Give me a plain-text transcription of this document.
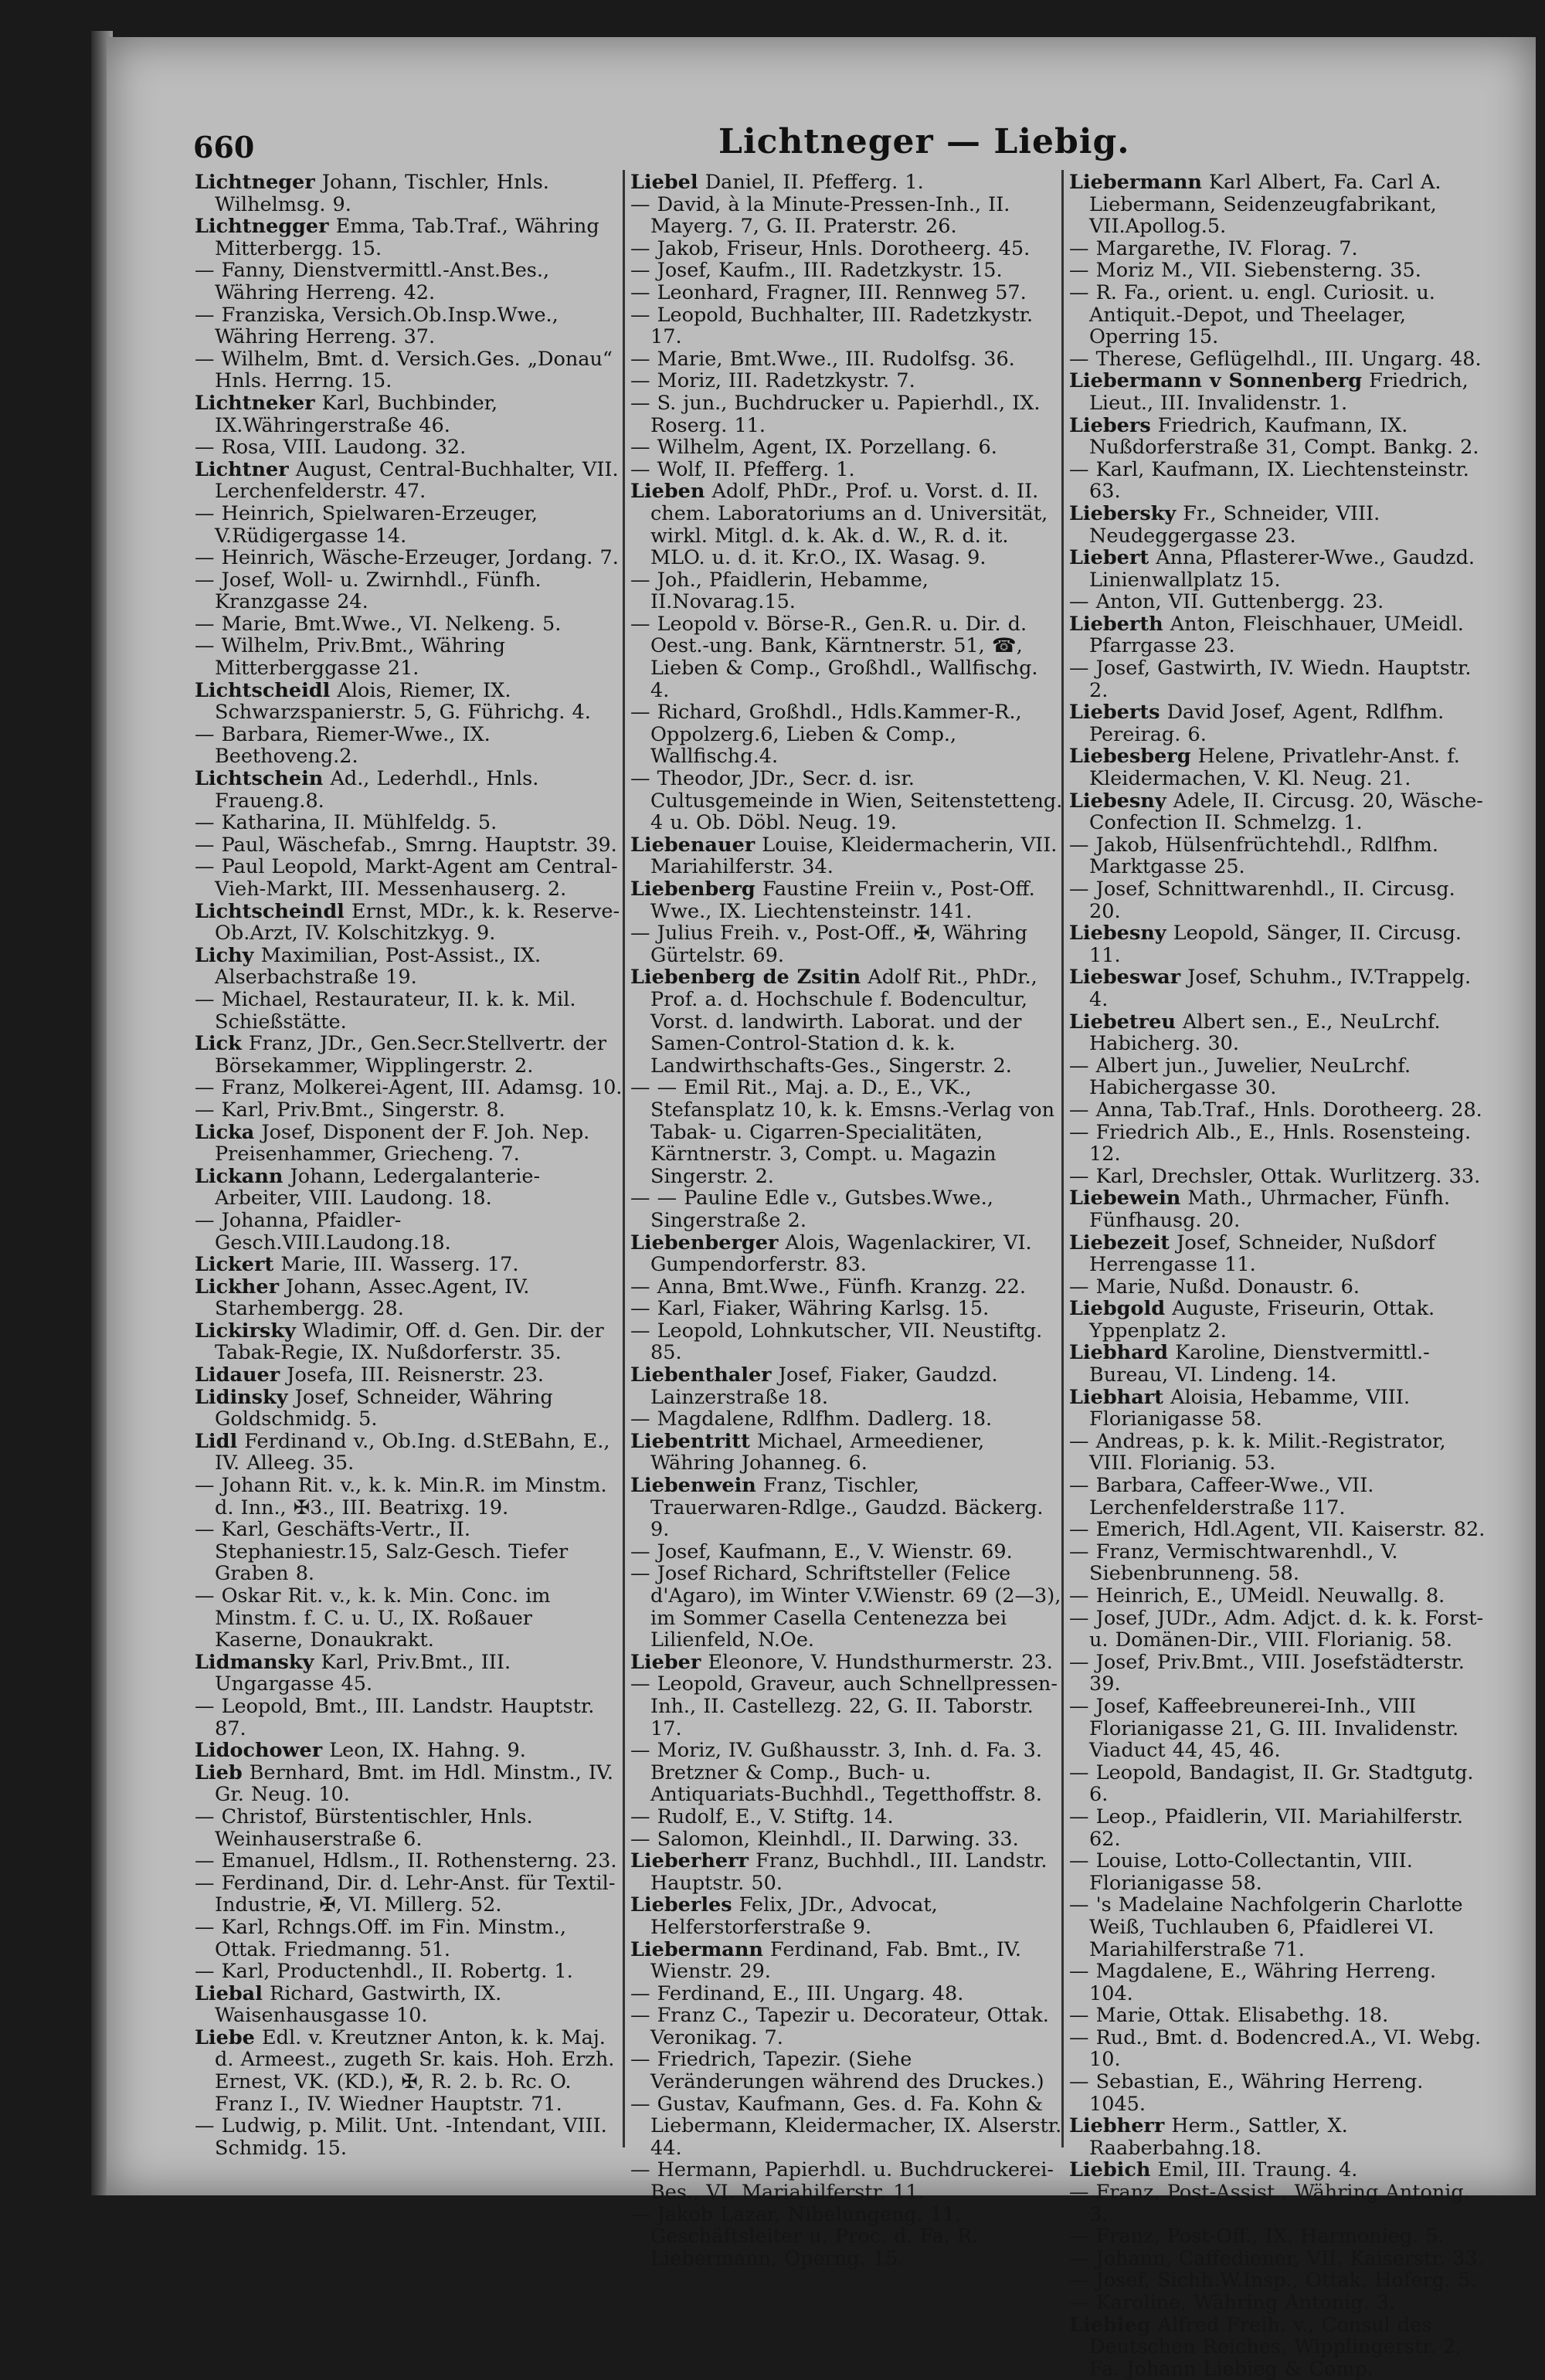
660	Lichtneger — Liebig.

Lichtneger Johann, Tischler, Hnls. Wilhelmsg. 9.

Lichtnegger Emma, Tab.Traf., Währing Mitterbergg. 15.

— Fanny, Dienstvermittl.-Anst.Bes., Währing Herreng. 42.

— Franziska, Versich.Ob.Insp.Wwe., Währing Herreng. 37.

— Wilhelm, Bmt. d. Versich.Ges. „Donau“ Hnls. Herrng. 15.

Lichtneker Karl, Buchbinder, IX.Währingerstraße 46.

— Rosa, VIII. Laudong. 32.

Lichtner August, Central-Buchhalter, VII. Lerchenfelderstr. 47.

— Heinrich, Spielwaren-Erzeuger, V.Rüdigergasse 14.

— Heinrich, Wäsche-Erzeuger, Jordang. 7.

— Josef, Woll- u. Zwirnhdl., Fünfh. Kranzgasse 24.

— Marie, Bmt.Wwe., VI. Nelkeng. 5.

— Wilhelm, Priv.Bmt., Währing Mitterberggasse 21.

Lichtscheidl Alois, Riemer, IX. Schwarzspanierstr. 5, G. Führichg. 4.

— Barbara, Riemer-Wwe., IX. Beethoveng.2.

Lichtschein Ad., Lederhdl., Hnls. Fraueng.8.

— Katharina, II. Mühlfeldg. 5.

— Paul, Wäschefab., Smrng. Hauptstr. 39.

— Paul Leopold, Markt-Agent am Central-Vieh-Markt, III. Messenhauserg. 2.

Lichtscheindl Ernst, MDr., k. k. Reserve-Ob.Arzt, IV. Kolschitzkyg. 9.

Lichy Maximilian, Post-Assist., IX. Alserbachstraße 19.

— Michael, Restaurateur, II. k. k. Mil. Schießstätte.

Lick Franz, JDr., Gen.Secr.Stellvertr. der Börsekammer, Wipplingerstr. 2.

— Franz, Molkerei-Agent, III. Adamsg. 10.

— Karl, Priv.Bmt., Singerstr. 8.

Licka Josef, Disponent der F. Joh. Nep. Preisenhammer, Griecheng. 7.

Lickann Johann, Ledergalanterie-Arbeiter, VIII. Laudong. 18.

— Johanna, Pfaidler-Gesch.VIII.Laudong.18.

Lickert Marie, III. Wasserg. 17.

Lickher Johann, Assec.Agent, IV. Starhembergg. 28.

Lickirsky Wladimir, Off. d. Gen. Dir. der Tabak-Regie, IX. Nußdorferstr. 35.

Lidauer Josefa, III. Reisnerstr. 23.

Lidinsky Josef, Schneider, Währing Goldschmidg. 5.

Lidl Ferdinand v., Ob.Ing. d.StEBahn, E., IV. Alleeg. 35.

— Johann Rit. v., k. k. Min.R. im Minstm. d. Inn., ✠3., III. Beatrixg. 19.

— Karl, Geschäfts-Vertr., II. Stephaniestr.15, Salz-Gesch. Tiefer Graben 8.

— Oskar Rit. v., k. k. Min. Conc. im Minstm. f. C. u. U., IX. Roßauer Kaserne, Donaukrakt.

Lidmansky Karl, Priv.Bmt., III. Ungargasse 45.

— Leopold, Bmt., III. Landstr. Hauptstr. 87.

Lidochower Leon, IX. Hahng. 9.

Lieb Bernhard, Bmt. im Hdl. Minstm., IV. Gr. Neug. 10.

— Christof, Bürstentischler, Hnls. Weinhauserstraße 6.

— Emanuel, Hdlsm., II. Rothensterng. 23.

— Ferdinand, Dir. d. Lehr-Anst. für Textil-Industrie, ✠, VI. Millerg. 52.

— Karl, Rchngs.Off. im Fin. Minstm., Ottak. Friedmanng. 51.

— Karl, Productenhdl., II. Robertg. 1.

Liebal Richard, Gastwirth, IX. Waisenhausgasse 10.

Liebe Edl. v. Kreutzner Anton, k. k. Maj. d. Armeest., zugeth Sr. kais. Hoh. Erzh. Ernest, VK. (KD.), ✠, R. 2. b. Rc. O. Franz I., IV. Wiedner Hauptstr. 71.

— Ludwig, p. Milit. Unt. -Intendant, VIII. Schmidg. 15.

Liebel Daniel, II. Pfefferg. 1.

— David, à la Minute-Pressen-Inh., II. Mayerg. 7, G. II. Praterstr. 26.

— Jakob, Friseur, Hnls. Dorotheerg. 45.

— Josef, Kaufm., III. Radetzkystr. 15.

— Leonhard, Fragner, III. Rennweg 57.

— Leopold, Buchhalter, III. Radetzkystr. 17.

— Marie, Bmt.Wwe., III. Rudolfsg. 36.

— Moriz, III. Radetzkystr. 7.

— S. jun., Buchdrucker u. Papierhdl., IX. Roserg. 11.

— Wilhelm, Agent, IX. Porzellang. 6.

— Wolf, II. Pfefferg. 1.

Lieben Adolf, PhDr., Prof. u. Vorst. d. II. chem. Laboratoriums an d. Universität, wirkl. Mitgl. d. k. Ak. d. W., R. d. it. MLO. u. d. it. Kr.O., IX. Wasag. 9.

— Joh., Pfaidlerin, Hebamme, II.Novarag.15.

— Leopold v. Börse-R., Gen.R. u. Dir. d. Oest.-ung. Bank, Kärntnerstr. 51, ☎, Lieben & Comp., Großhdl., Wallfischg. 4.

— Richard, Großhdl., Hdls.Kammer-R., Oppolzerg.6, Lieben & Comp., Wallfischg.4.

— Theodor, JDr., Secr. d. isr. Cultusgemeinde in Wien, Seitenstetteng. 4 u. Ob. Döbl. Neug. 19.

Liebenauer Louise, Kleidermacherin, VII. Mariahilferstr. 34.

Liebenberg Faustine Freiin v., Post-Off. Wwe., IX. Liechtensteinstr. 141.

— Julius Freih. v., Post-Off., ✠, Währing Gürtelstr. 69.

Liebenberg de Zsitin Adolf Rit., PhDr., Prof. a. d. Hochschule f. Bodencultur, Vorst. d. landwirth. Laborat. und der Samen-Control-Station d. k. k. Landwirthschafts-Ges., Singerstr. 2.

— — Emil Rit., Maj. a. D., E., VK., Stefansplatz 10, k. k. Emsns.-Verlag von Tabak- u. Cigarren-Specialitäten, Kärntnerstr. 3, Compt. u. Magazin Singerstr. 2.

— — Pauline Edle v., Gutsbes.Wwe., Singerstraße 2.

Liebenberger Alois, Wagenlackirer, VI. Gumpendorferstr. 83.

— Anna, Bmt.Wwe., Fünfh. Kranzg. 22.

— Karl, Fiaker, Währing Karlsg. 15.

— Leopold, Lohnkutscher, VII. Neustiftg. 85.

Liebenthaler Josef, Fiaker, Gaudzd. Lainzerstraße 18.

— Magdalene, Rdlfhm. Dadlerg. 18.

Liebentritt Michael, Armeediener, Währing Johanneg. 6.

Liebenwein Franz, Tischler, Trauerwaren-Rdlge., Gaudzd. Bäckerg. 9.

— Josef, Kaufmann, E., V. Wienstr. 69.

— Josef Richard, Schriftsteller (Felice d'Agaro), im Winter V.Wienstr. 69 (2—3), im Sommer Casella Centenezza bei Lilienfeld, N.Oe.

Lieber Eleonore, V. Hundsthurmerstr. 23.

— Leopold, Graveur, auch Schnellpressen-Inh., II. Castellezg. 22, G. II. Taborstr. 17.

— Moriz, IV. Gußhausstr. 3, Inh. d. Fa. 3. Bretzner & Comp., Buch- u. Antiquariats-Buchhdl., Tegetthoffstr. 8.

— Rudolf, E., V. Stiftg. 14.

— Salomon, Kleinhdl., II. Darwing. 33.

Lieberherr Franz, Buchhdl., III. Landstr. Hauptstr. 50.

Lieberles Felix, JDr., Advocat, Helferstorferstraße 9.

Liebermann Ferdinand, Fab. Bmt., IV. Wienstr. 29.

— Ferdinand, E., III. Ungarg. 48.

— Franz C., Tapezir u. Decorateur, Ottak. Veronikag. 7.

— Friedrich, Tapezir. (Siehe Veränderungen während des Druckes.)

— Gustav, Kaufmann, Ges. d. Fa. Kohn & Liebermann, Kleidermacher, IX. Alserstr. 44.

— Hermann, Papierhdl. u. Buchdruckerei-Bes., VI. Mariahilferstr. 11.

— Jakob Lazar, Nibelungeng. 11, Geschäftsleiter u. Proc. d. Fa. R. Liebermann, Operng. 15.

Liebermann Karl Albert, Fa. Carl A. Liebermann, Seidenzeugfabrikant, VII.Apollog.5.

— Margarethe, IV. Florag. 7.

— Moriz M., VII. Siebensterng. 35.

— R. Fa., orient. u. engl. Curiosit. u. Antiquit.-Depot, und Theelager, Operring 15.

— Therese, Geflügelhdl., III. Ungarg. 48.

Liebermann v Sonnenberg Friedrich, Lieut., III. Invalidenstr. 1.

Liebers Friedrich, Kaufmann, IX. Nußdorferstraße 31, Compt. Bankg. 2.

— Karl, Kaufmann, IX. Liechtensteinstr. 63.

Liebersky Fr., Schneider, VIII. Neudeggergasse 23.

Liebert Anna, Pflasterer-Wwe., Gaudzd. Linienwallplatz 15.

— Anton, VII. Guttenbergg. 23.

Lieberth Anton, Fleischhauer, UMeidl. Pfarrgasse 23.

— Josef, Gastwirth, IV. Wiedn. Hauptstr. 2.

Lieberts David Josef, Agent, Rdlfhm. Pereirag. 6.

Liebesberg Helene, Privatlehr-Anst. f. Kleidermachen, V. Kl. Neug. 21.

Liebesny Adele, II. Circusg. 20, Wäsche-Confection II. Schmelzg. 1.

— Jakob, Hülsenfrüchtehdl., Rdlfhm. Marktgasse 25.

— Josef, Schnittwarenhdl., II. Circusg. 20.

Liebesny Leopold, Sänger, II. Circusg. 11.

Liebeswar Josef, Schuhm., IV.Trappelg. 4.

Liebetreu Albert sen., E., NeuLrchf. Habicherg. 30.

— Albert jun., Juwelier, NeuLrchf. Habichergasse 30.

— Anna, Tab.Traf., Hnls. Dorotheerg. 28.

— Friedrich Alb., E., Hnls. Rosensteing. 12.

— Karl, Drechsler, Ottak. Wurlitzerg. 33.

Liebewein Math., Uhrmacher, Fünfh. Fünfhausg. 20.

Liebezeit Josef, Schneider, Nußdorf Herrengasse 11.

— Marie, Nußd. Donaustr. 6.

Liebgold Auguste, Friseurin, Ottak. Yppenplatz 2.

Liebhard Karoline, Dienstvermittl.-Bureau, VI. Lindeng. 14.

Liebhart Aloisia, Hebamme, VIII. Florianigasse 58.

— Andreas, p. k. k. Milit.-Registrator, VIII. Florianig. 53.

— Barbara, Caffeer-Wwe., VII. Lerchenfelderstraße 117.

— Emerich, Hdl.Agent, VII. Kaiserstr. 82.

— Franz, Vermischtwarenhdl., V. Siebenbrunneng. 58.

— Heinrich, E., UMeidl. Neuwallg. 8.

— Josef, JUDr., Adm. Adjct. d. k. k. Forst- u. Domänen-Dir., VIII. Florianig. 58.

— Josef, Priv.Bmt., VIII. Josefstädterstr. 39.

— Josef, Kaffeebreunerei-Inh., VIII Florianigasse 21, G. III. Invalidenstr. Viaduct 44, 45, 46.

— Leopold, Bandagist, II. Gr. Stadtgutg. 6.

— Leop., Pfaidlerin, VII. Mariahilferstr. 62.

— Louise, Lotto-Collectantin, VIII. Florianigasse 58.

— 's Madelaine Nachfolgerin Charlotte Weiß, Tuchlauben 6, Pfaidlerei VI. Mariahilferstraße 71.

— Magdalene, E., Währing Herreng. 104.

— Marie, Ottak. Elisabethg. 18.

— Rud., Bmt. d. Bodencred.A., VI. Webg. 10.

— Sebastian, E., Währing Herreng. 1045.

Liebherr Herm., Sattler, X. Raaberbahng.18.

Liebich Emil, III. Traung. 4.

— Franz, Post-Assist., Währing Antonig. 3.

— Franz, Post-Off., IX. Harmonieg. 5.

— Johann, Caffediener, VII. Kaiserstr. 33.

— Josef, Sichh.W.Insp., Ottak. Hoferg. 5.

— Karoline, Währing Antonig. 3.

Liebieg Alfred Freih. v., Consul des Deutschen Reiches, Wipplingerstr. 2, Fa. Johann Liebieg & Comp.
